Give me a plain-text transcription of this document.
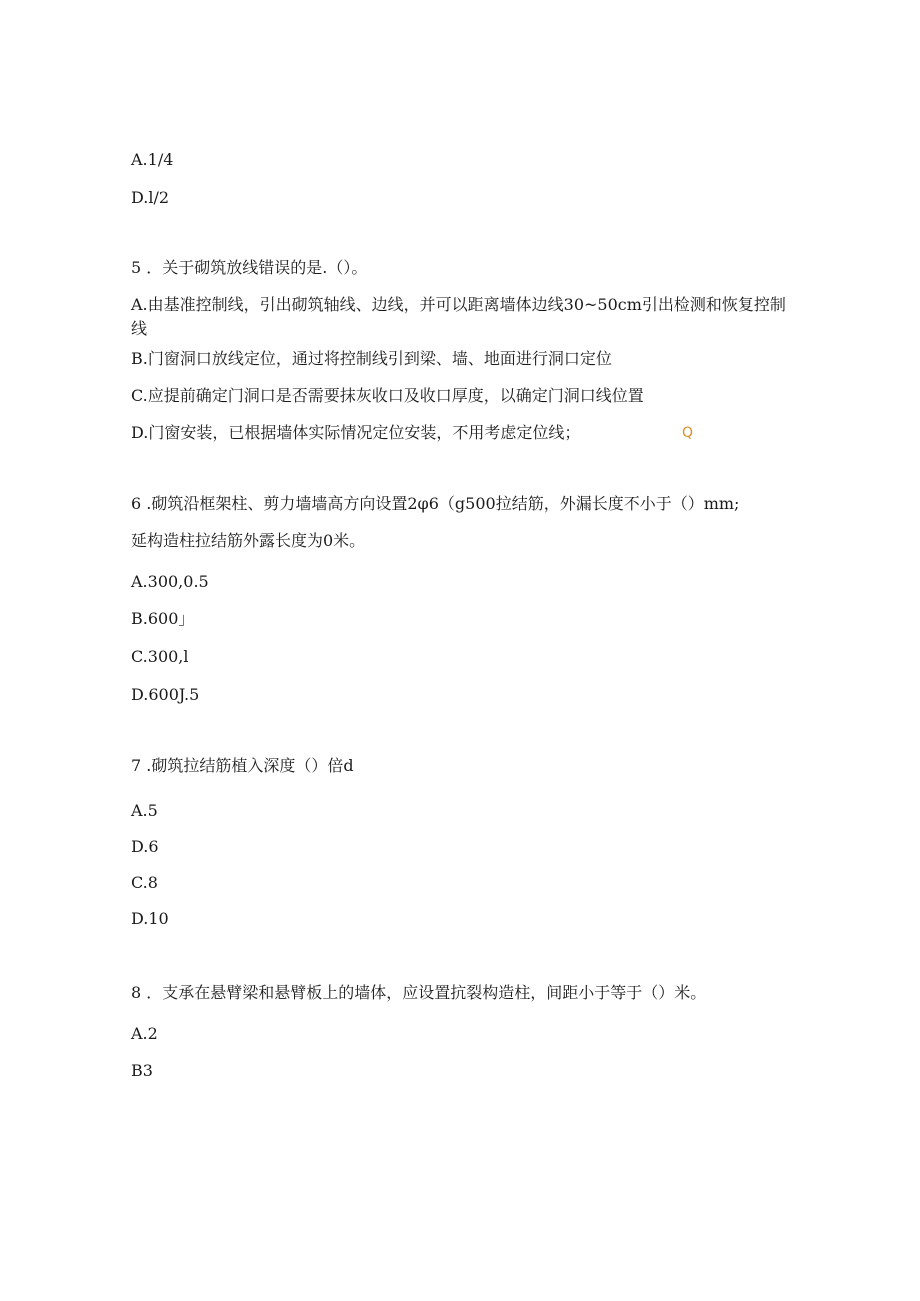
A.1/4
D.l/2
5 ．关于砌筑放线错误的是.（）。
A.由基准控制线，引出砌筑轴线、边线，并可以距离墙体边线30~50cm引出检测和恢复控制线
B.门窗洞口放线定位，通过将控制线引到梁、墙、地面进行洞口定位
C.应提前确定门洞口是否需要抹灰收口及收口厚度，以确定门洞口线位置
D.门窗安装，已根据墙体实际情况定位安装，不用考虑定位线；	Q
6 .砌筑沿框架柱、剪力墙墙高方向设置2φ6（g500拉结筋，外漏长度不小于（）mm;
延构造柱拉结筋外露长度为0米。
A.300,0.5
B.600」
C.300,l
D.600J.5
7 .砌筑拉结筋植入深度（）倍d
A.5
D.6
C.8
D.10
8 ．支承在悬臂梁和悬臂板上的墙体，应设置抗裂构造柱，间距小于等于（）米。
A.2
B3
